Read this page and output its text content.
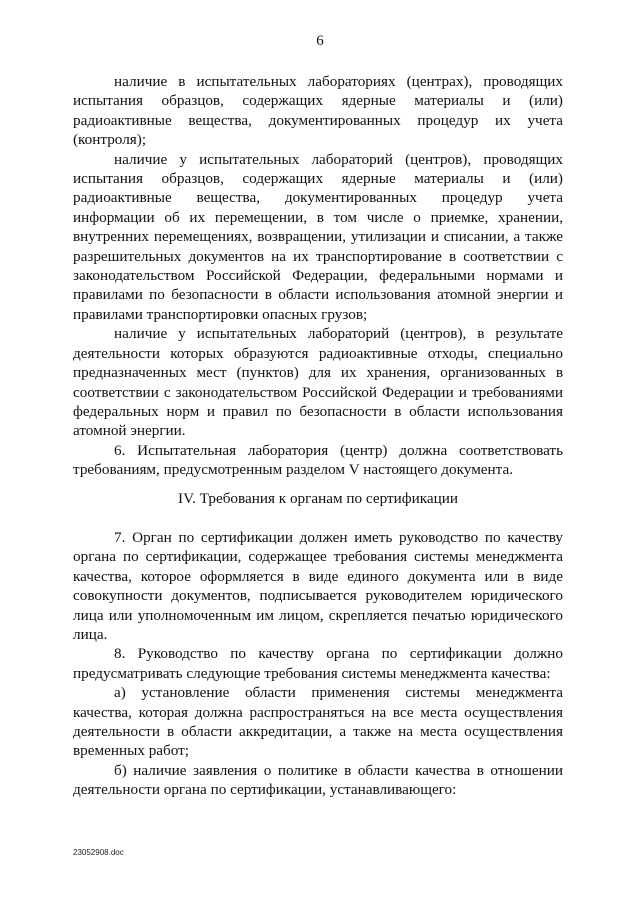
6

наличие в испытательных лабораториях (центрах), проводящих испытания образцов, содержащих ядерные материалы и (или) радиоактивные вещества, документированных процедур их учета (контроля);

наличие у испытательных лабораторий (центров), проводящих испытания образцов, содержащих ядерные материалы и (или) радиоактивные вещества, документированных процедур учета информации об их перемещении, в том числе о приемке, хранении, внутренних перемещениях, возвращении, утилизации и списании, а также разрешительных документов на их транспортирование в соответствии с законодательством Российской Федерации, федеральными нормами и правилами по безопасности в области использования атомной энергии и правилами транспортировки опасных грузов;

наличие у испытательных лабораторий (центров), в результате деятельности которых образуются радиоактивные отходы, специально предназначенных мест (пунктов) для их хранения, организованных в соответствии с законодательством Российской Федерации и требованиями федеральных норм и правил по безопасности в области использования атомной энергии.

6. Испытательная лаборатория (центр) должна соответствовать требованиям, предусмотренным разделом V настоящего документа.

IV. Требования к органам по сертификации

7. Орган по сертификации должен иметь руководство по качеству органа по сертификации, содержащее требования системы менеджмента качества, которое оформляется в виде единого документа или в виде совокупности документов, подписывается руководителем юридического лица или уполномоченным им лицом, скрепляется печатью юридического лица.

8. Руководство по качеству органа по сертификации должно предусматривать следующие требования системы менеджмента качества:

а) установление области применения системы менеджмента качества, которая должна распространяться на все места осуществления деятельности в области аккредитации, а также на места осуществления временных работ;

б) наличие заявления о политике в области качества в отношении деятельности органа по сертификации, устанавливающего:

23052908.doc
